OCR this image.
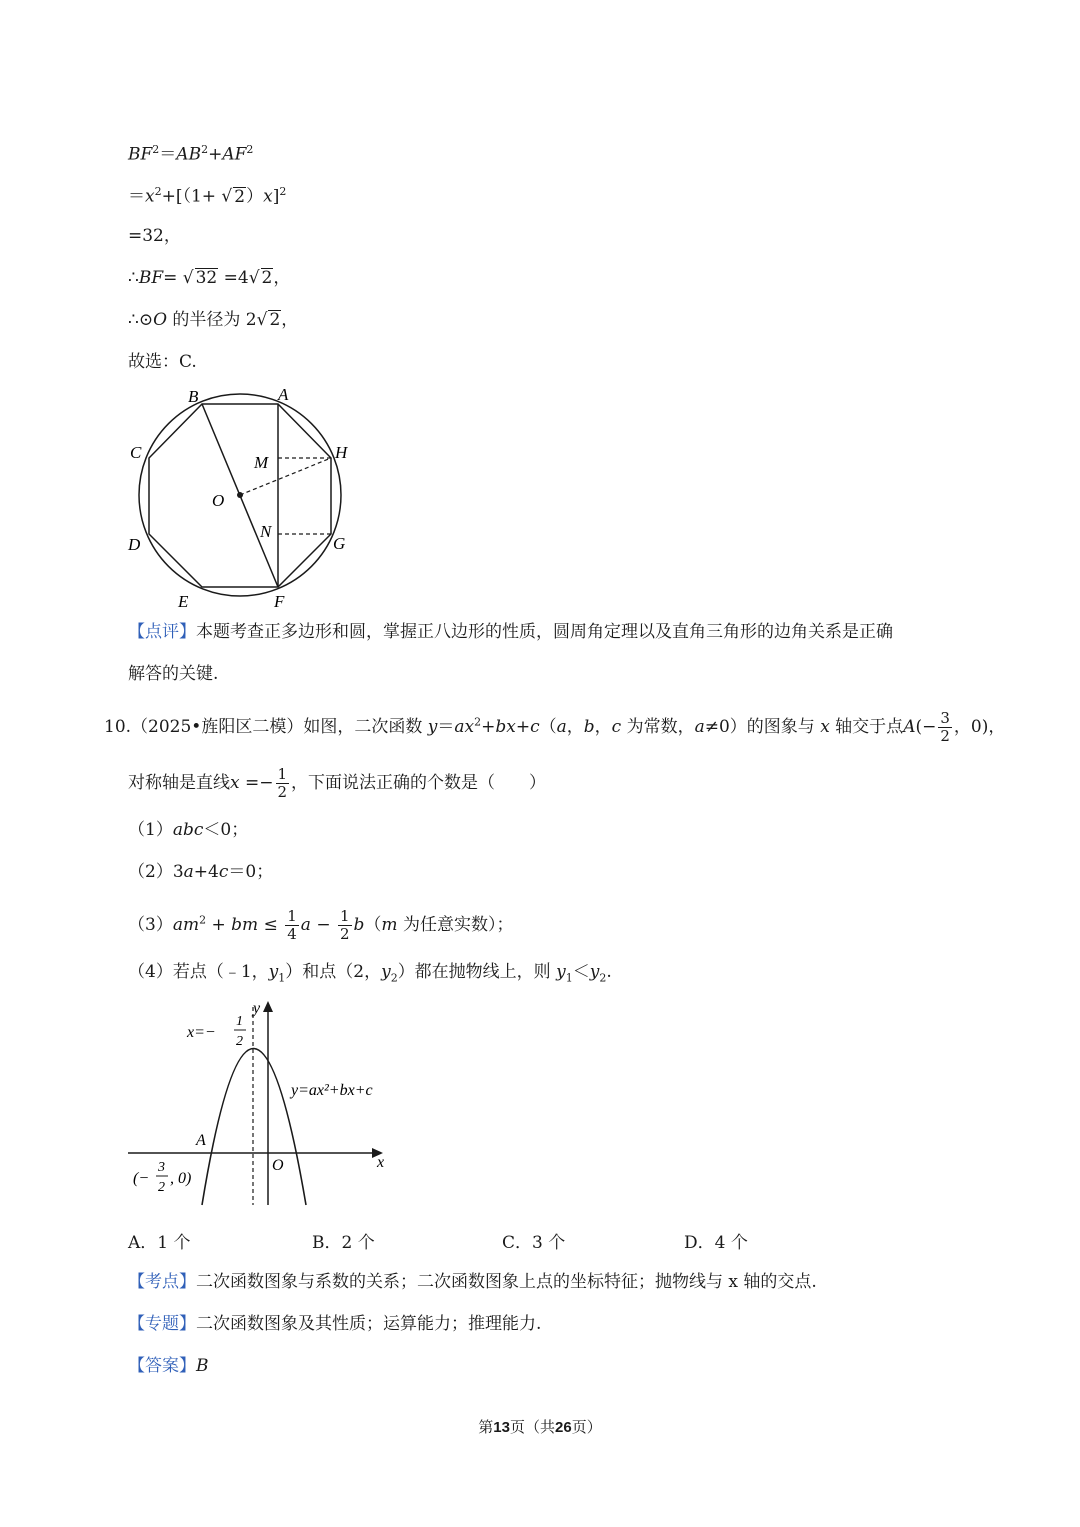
$BF^2=AB^2+AF^2$
$=x^2+[(1+$ √ 2）x]$^2$
=32，
∴BF= √ 32 =4√ 2，
∴⊙O 的半径为 2√ 2，
故选：C.
A
B
C
D
E	F
G
H
M
N
O
【点评】本题考查正多边形和圆，掌握正八边形的性质，圆周角定理以及直角三角形的边角关系是正确
解答的关键.
10.（2025•旌阳区二模）如图，二次函数 $y=ax^2+bx+c(a$，b，c 为常数，a≠0）的图象与 x 轴交于点$A(- \frac{3}{2}$ ，0)，
对称轴是直线$x =- \frac{1}{2}$ ，下面说法正确的个数是（　　）
（1）abc＜0；
（2）3a+4c＝0；
$(3)am^2$ + bm ≤ $\frac{1}{4}$ $a - \frac{1}{2} b(m$ 为任意实数）；
（4）若点（﹣1，$y_1$）和点（2，$y_2$）都在抛物线上，则 $y_1<y_2$.
y
x
O
A
x=−
1
2
y=ax²+bx+c
(−
3
2
, 0)
A．1 个	B．2 个	C．3 个	D．4 个
【考点】二次函数图象与系数的关系；二次函数图象上点的坐标特征；抛物线与 x 轴的交点.
【专题】二次函数图象及其性质；运算能力；推理能力.
【答案】B
第13页（共26页）
